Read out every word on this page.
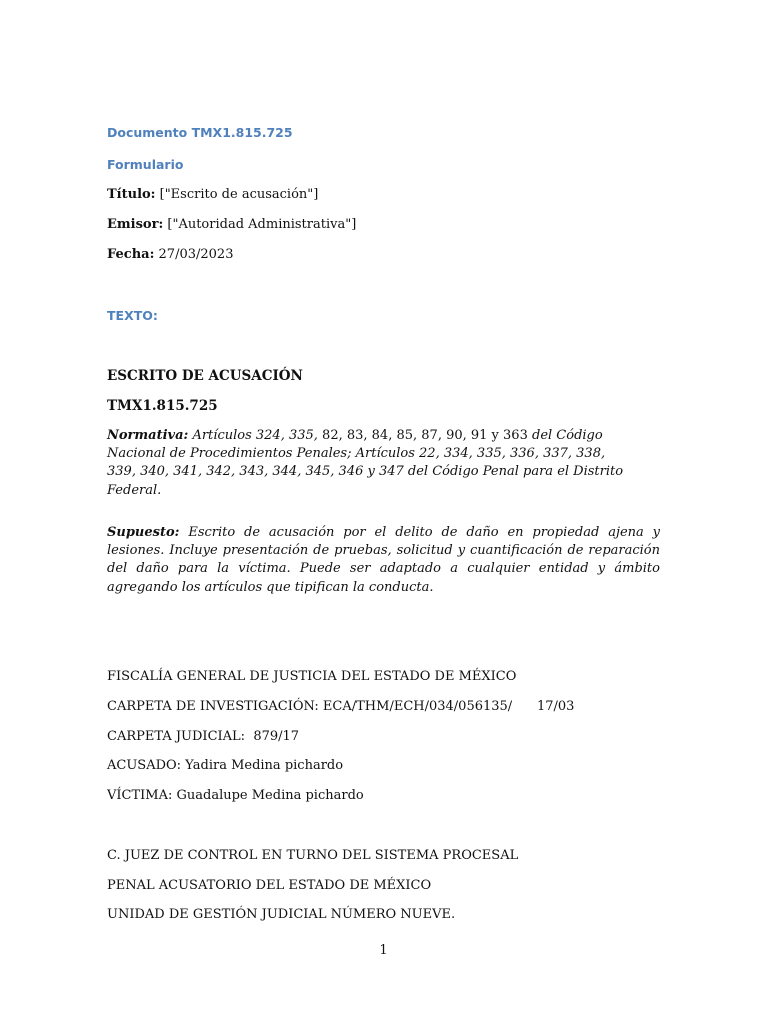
Documento TMX1.815.725
Formulario
Título: ["Escrito de acusación"]
Emisor: ["Autoridad Administrativa"]
Fecha: 27/03/2023
TEXTO:
ESCRITO DE ACUSACIÓN
TMX1.815.725
Normativa: Artículos 324, 335, 82, 83, 84, 85, 87, 90, 91 y 363 del Código
Nacional de Procedimientos Penales; Artículos 22, 334, 335, 336, 337, 338,
339, 340, 341, 342, 343, 344, 345, 346 y 347 del Código Penal para el Distrito
Federal.
Supuesto: Escrito de acusación por el delito de daño en propiedad ajena y lesiones. Incluye presentación de pruebas, solicitud y cuantificación de reparación del daño para la víctima. Puede ser adaptado a cualquier entidad y ámbito agregando los artículos que tipifican la conducta.
FISCALÍA GENERAL DE JUSTICIA DEL ESTADO DE MÉXICO
CARPETA DE INVESTIGACIÓN: ECA/THM/ECH/034/056135/      17/03
CARPETA JUDICIAL:  879/17
ACUSADO: Yadira Medina pichardo
VÍCTIMA: Guadalupe Medina pichardo
C. JUEZ DE CONTROL EN TURNO DEL SISTEMA PROCESAL
PENAL ACUSATORIO DEL ESTADO DE MÉXICO
UNIDAD DE GESTIÓN JUDICIAL NÚMERO NUEVE.
1
